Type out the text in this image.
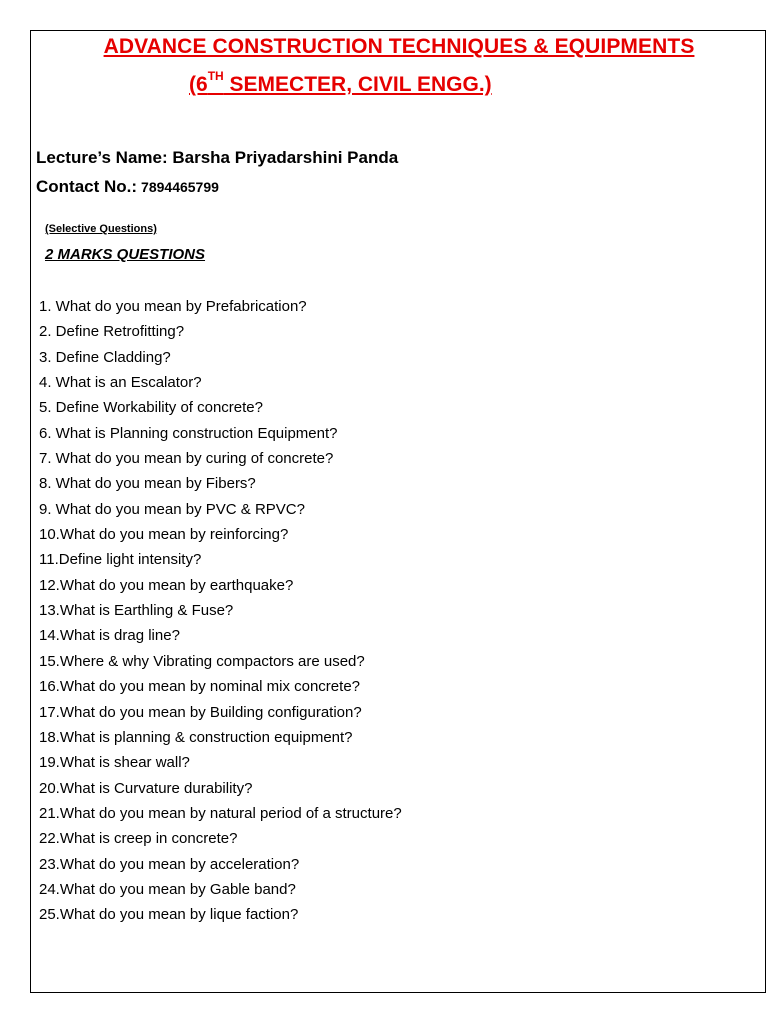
ADVANCE CONSTRUCTION TECHNIQUES & EQUIPMENTS
(6TH SEMECTER, CIVIL ENGG.)
Lecture’s Name: Barsha Priyadarshini Panda
Contact No.: 7894465799
(Selective Questions)
2 MARKS QUESTIONS
1. What do you mean by Prefabrication?
2. Define Retrofitting?
3. Define Cladding?
4. What is an Escalator?
5. Define Workability of concrete?
6. What is Planning construction Equipment?
7. What do you mean by curing of concrete?
8. What do you mean by Fibers?
9. What do you mean by PVC & RPVC?
10.What do you mean by reinforcing?
11.Define light intensity?
12.What do you mean by earthquake?
13.What is Earthling & Fuse?
14.What is drag line?
15.Where & why Vibrating compactors are used?
16.What do you mean by nominal mix concrete?
17.What do you mean by Building configuration?
18.What is planning & construction equipment?
19.What is shear wall?
20.What is Curvature durability?
21.What do you mean by natural period of a structure?
22.What is creep in concrete?
23.What do you mean by acceleration?
24.What do you mean by Gable band?
25.What do you mean by lique faction?
